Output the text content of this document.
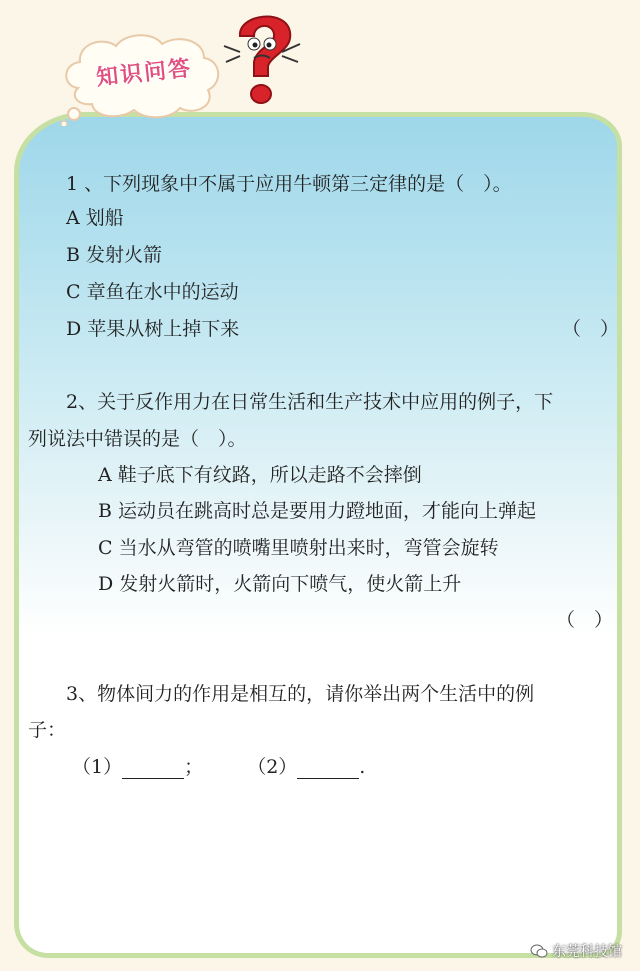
知识问答
1 、下列现象中不属于应用牛顿第三定律的是（　）。
A 划船
B 发射火箭
C 章鱼在水中的运动
D 苹果从树上掉下来	（　）
2、关于反作用力在日常生活和生产技术中应用的例子，下
列说法中错误的是（　）。
A 鞋子底下有纹路，所以走路不会摔倒
B 运动员在跳高时总是要用力蹬地面，才能向上弹起
C 当水从弯管的喷嘴里喷射出来时，弯管会旋转
D 发射火箭时，火箭向下喷气，使火箭上升
（　）
3、物体间力的作用是相互的，请你举出两个生活中的例
子：
（1）	； （2）	.
东莞科技馆
